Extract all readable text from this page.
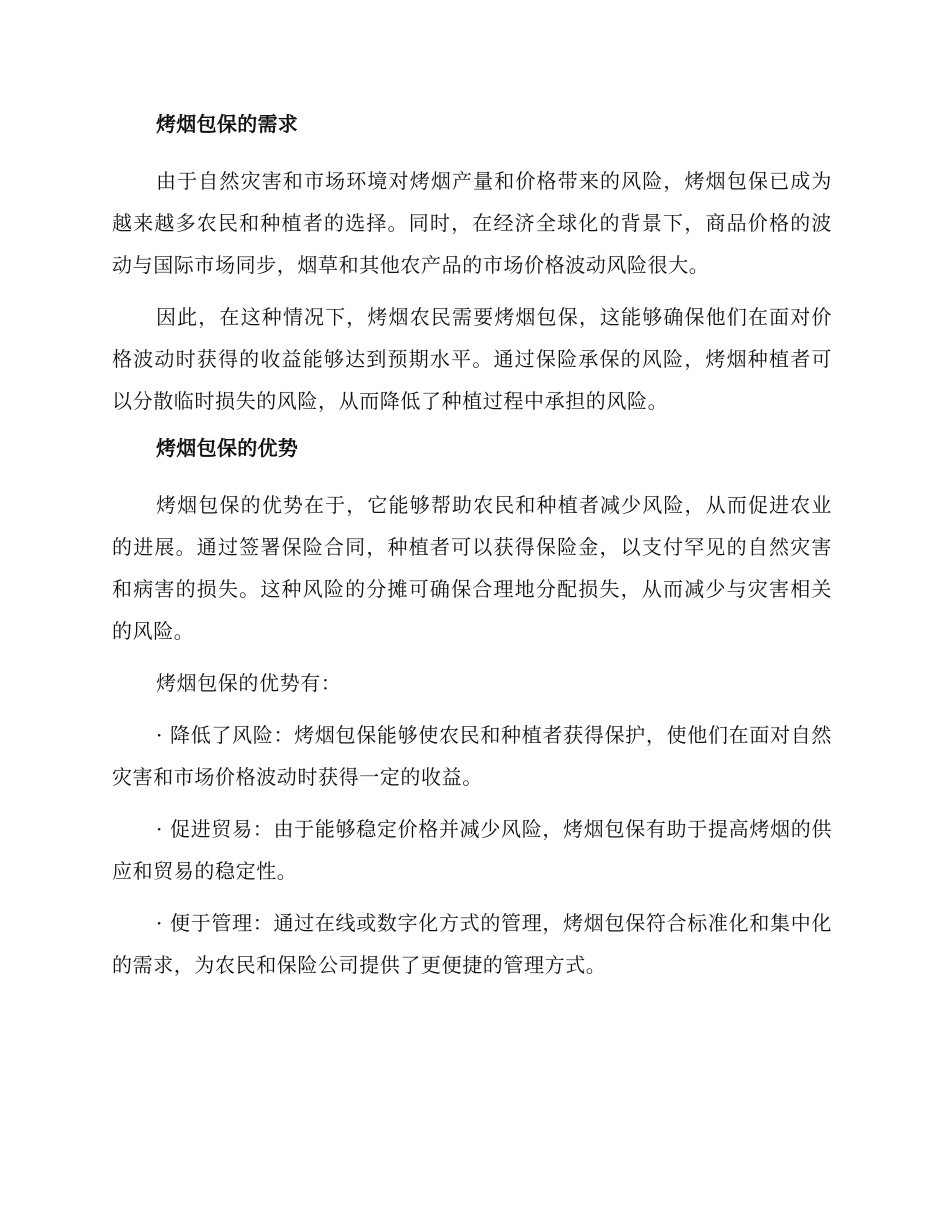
烤烟包保的需求

由于自然灾害和市场环境对烤烟产量和价格带来的风险，烤烟包保已成为越来越多农民和种植者的选择。同时，在经济全球化的背景下，商品价格的波动与国际市场同步，烟草和其他农产品的市场价格波动风险很大。

因此，在这种情况下，烤烟农民需要烤烟包保，这能够确保他们在面对价格波动时获得的收益能够达到预期水平。通过保险承保的风险，烤烟种植者可以分散临时损失的风险，从而降低了种植过程中承担的风险。

烤烟包保的优势

烤烟包保的优势在于，它能够帮助农民和种植者减少风险，从而促进农业的进展。通过签署保险合同，种植者可以获得保险金，以支付罕见的自然灾害和病害的损失。这种风险的分摊可确保合理地分配损失，从而减少与灾害相关的风险。

烤烟包保的优势有：

· 降低了风险：烤烟包保能够使农民和种植者获得保护，使他们在面对自然灾害和市场价格波动时获得一定的收益。

· 促进贸易：由于能够稳定价格并减少风险，烤烟包保有助于提高烤烟的供应和贸易的稳定性。

· 便于管理：通过在线或数字化方式的管理，烤烟包保符合标准化和集中化的需求，为农民和保险公司提供了更便捷的管理方式。
